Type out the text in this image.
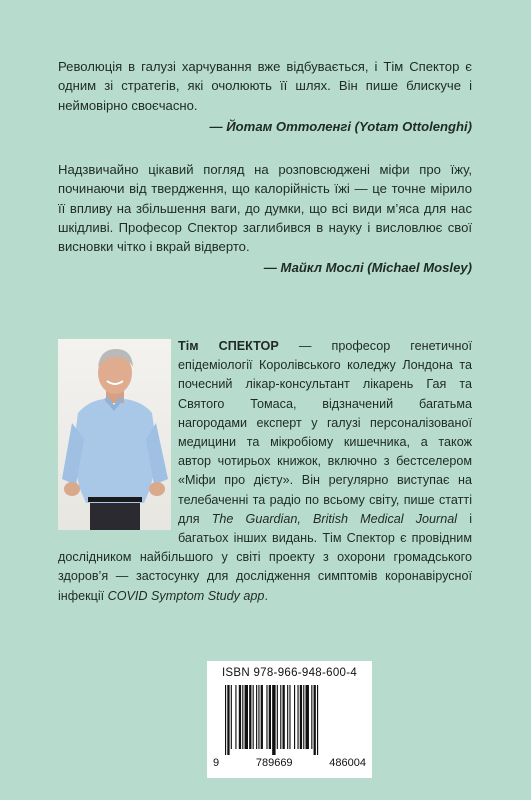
Революція в галузі харчування вже відбувається, і Тім Спектор є одним зі стратегів, які очолюють її шлях. Він пише блискуче і неймовірно своєчасно.

— Йотам Оттоленгі (Yotam Ottolenghi)

Надзвичайно цікавий погляд на розповсюджені міфи про їжу, починаючи від твердження, що калорійність їжі — це точне мірило її впливу на збільшення ваги, до думки, що всі види м’яса для нас шкідливі. Професор Спектор заглибився в науку і висловлює свої висновки чітко і вкрай відверто.

— Майкл Мослі (Michael Mosley)

Тім СПЕКТОР — професор генетичної епідеміології Королівського коледжу Лондона та почесний лікар-консультант лікарень Гая та Святого Томаса, відзначений багатьма нагородами експерт у галузі персоналізованої медицини та мікробіому кишечника, а також автор чотирьох книжок, включно з бестселером «Міфи про дієту». Він регулярно виступає на телебаченні та радіо по всьому світу, пише статті для The Guardian, British Medical Journal і багатьох інших видань. Тім Спектор є провідним дослідником найбільшого у світі проекту з охорони громадського здоров’я — застосунку для дослідження симптомів коронавірусної інфекції COVID Symptom Study app.

ISBN 978-966-948-600-4
9	789669	486004
